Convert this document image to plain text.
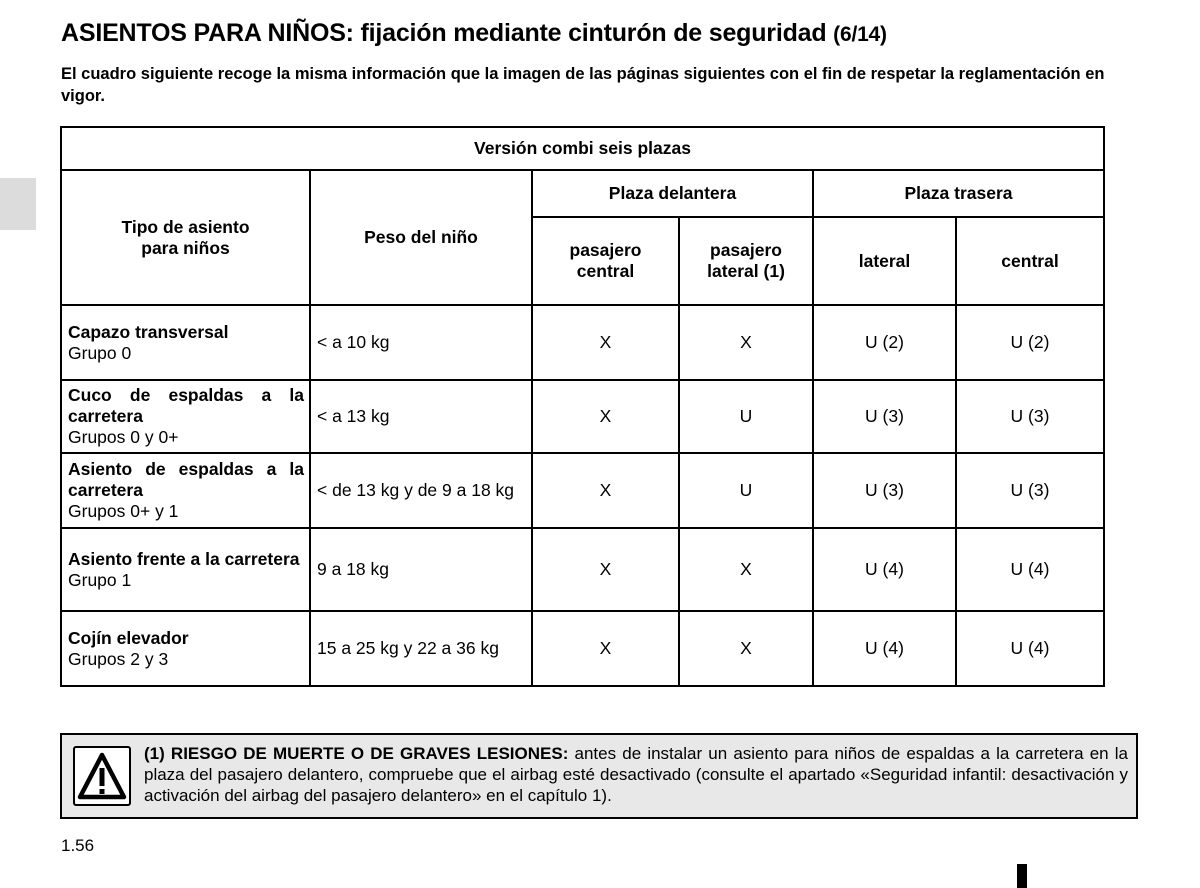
ASIENTOS PARA NIÑOS: fijación mediante cinturón de seguridad (6/14)

El cuadro siguiente recoge la misma información que la imagen de las páginas siguientes con el fin de respetar la reglamentación en vigor.

Versión combi seis plazas					
Tipo de asiento para niños	Peso del niño	Plaza delantera		Plaza trasera	
		pasajero central	pasajero lateral (1)	lateral	central
Capazo transversal
Grupo 0	< a 10 kg	X	X	U (2)	U (2)
Cuco de espaldas a la carretera
Grupos 0 y 0+	< a 13 kg	X	U	U (3)	U (3)
Asiento de espaldas a la carretera
Grupos 0+ y 1	< de 13 kg y de 9 a 18 kg	X	U	U (3)	U (3)
Asiento frente a la carretera
Grupo 1	9 a 18 kg	X	X	U (4)	U (4)
Cojín elevador
Grupos 2 y 3	15 a 25 kg y 22 a 36 kg	X	X	U (4)	U (4)

(1) RIESGO DE MUERTE O DE GRAVES LESIONES: antes de instalar un asiento para niños de espaldas a la carretera en la plaza del pasajero delantero, compruebe que el airbag esté desactivado (consulte el apartado «Seguridad infantil: desactivación y activación del airbag del pasajero delantero» en el capítulo 1).

1.56
